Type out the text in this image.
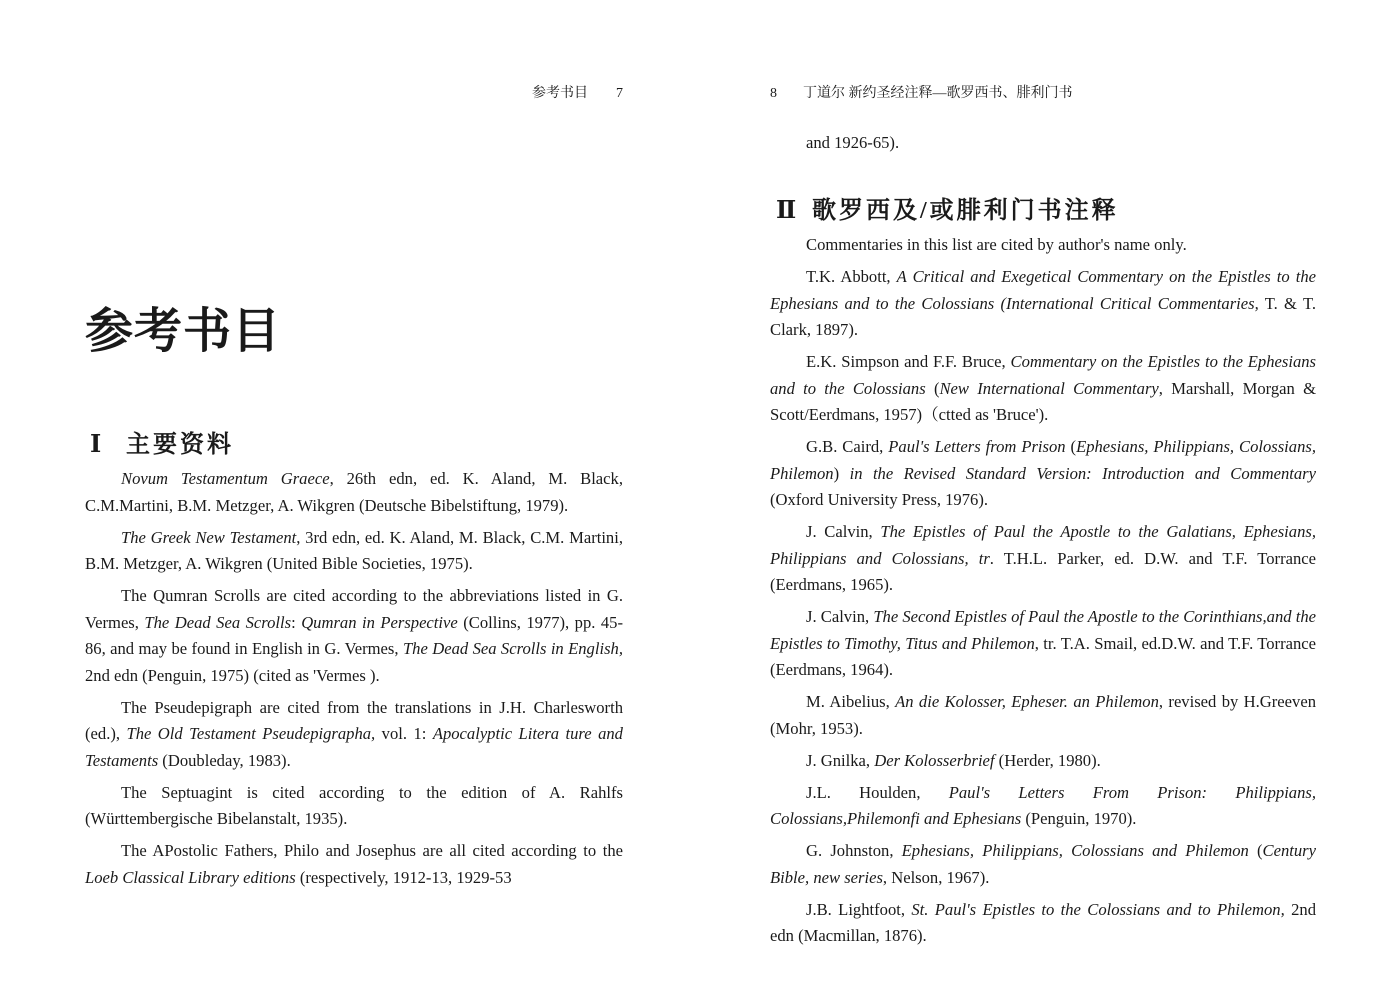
参考书目 7
参考书目
Ⅰ 主要资料

Novum Testamentum Graece, 26th edn, ed. K. Aland, M. Black, C.M.Martini, B.M. Metzger, A. Wikgren (Deutsche Bibelstiftung, 1979).

The Greek New Testament, 3rd edn, ed. K. Aland, M. Black, C.M. Martini, B.M. Metzger, A. Wikgren (United Bible Societies, 1975).

The Qumran Scrolls are cited according to the abbreviations listed in G. Vermes, The Dead Sea Scrolls: Qumran in Perspective (Collins, 1977), pp. 45-86, and may be found in English in G. Vermes, The Dead Sea Scrolls in English, 2nd edn (Penguin, 1975) (cited as 'Vermes ).

The Pseudepigraph are cited from the translations in J.H. Charlesworth (ed.), The Old Testament Pseudepigrapha, vol. 1: Apocalyptic Litera ture and Testaments (Doubleday, 1983).

The Septuagint is cited according to the edition of A. Rahlfs (Württembergische Bibelanstalt, 1935).

The APostolic Fathers, Philo and Josephus are all cited according to the Loeb Classical Library editions (respectively, 1912-13, 1929-53

8 丁道尔 新约圣经注释—歌罗西书、腓利门书

and 1926-65).

Ⅱ 歌罗西及/或腓利门书注释

Commentaries in this list are cited by author's name only.

T.K. Abbott, A Critical and Exegetical Commentary on the Epistles to the Ephesians and to the Colossians (International Critical Commentaries, T. & T. Clark, 1897).

E.K. Simpson and F.F. Bruce, Commentary on the Epistles to the Ephesians and to the Colossians (New International Commentary, Marshall, Morgan & Scott/Eerdmans, 1957)（ctted as 'Bruce').

G.B. Caird, Paul's Letters from Prison (Ephesians, Philippians, Colossians, Philemon) in the Revised Standard Version: Introduction and Commentary (Oxford University Press, 1976).

J. Calvin, The Epistles of Paul the Apostle to the Galatians, Ephesians, Philippians and Colossians, tr. T.H.L. Parker, ed. D.W. and T.F. Torrance (Eerdmans, 1965).

J. Calvin, The Second Epistles of Paul the Apostle to the Corinthians,and the Epistles to Timothy, Titus and Philemon, tr. T.A. Smail, ed.D.W. and T.F. Torrance (Eerdmans, 1964).

M. Aibelius, An die Kolosser, Epheser. an Philemon, revised by H.Greeven (Mohr, 1953).

J. Gnilka, Der Kolosserbrief (Herder, 1980).

J.L. Houlden, Paul's Letters From Prison: Philippians, Colossians,Philemonfi and Ephesians (Penguin, 1970).

G. Johnston, Ephesians, Philippians, Colossians and Philemon (Century Bible, new series, Nelson, 1967).

J.B. Lightfoot, St. Paul's Epistles to the Colossians and to Philemon, 2nd edn (Macmillan, 1876).
